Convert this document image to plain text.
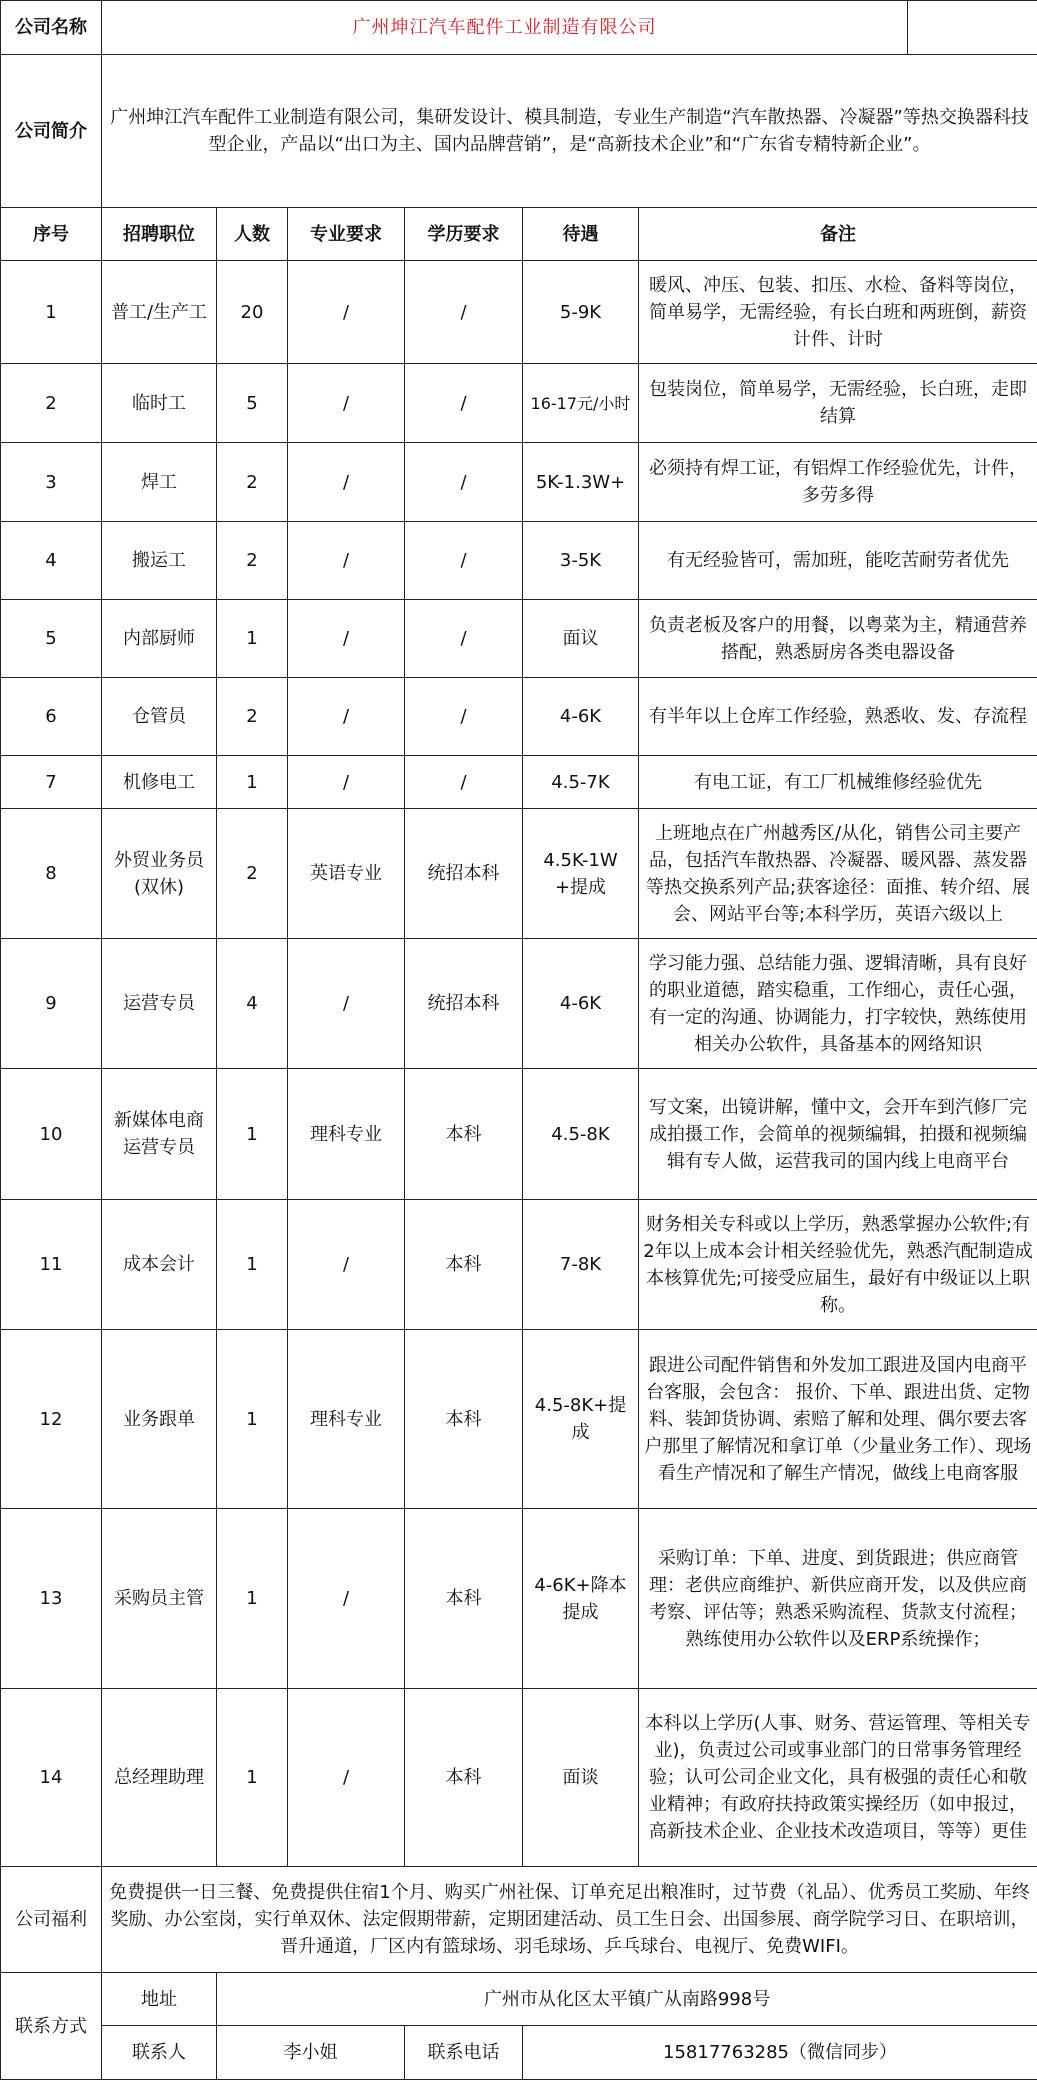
公司名称	广州坤江汽车配件工业制造有限公司						
公司简介	广州坤江汽车配件工业制造有限公司，集研发设计、模具制造，专业生产制造“汽车散热器、冷凝器”等热交换器科技型企业，产品以“出口为主、国内品牌营销”，是“高新技术企业”和“广东省专精特新企业”。						
序号	招聘职位	人数	专业要求	学历要求	待遇	备注	
1	普工/生产工	20	/	/	5-9K	暖风、冲压、包装、扣压、水检、备料等岗位，简单易学，无需经验，有长白班和两班倒，薪资计件、计时	
2	临时工	5	/	/	16-17元/小时	包装岗位，简单易学，无需经验，长白班，走即结算	
3	焊工	2	/	/	5K-1.3W+	必须持有焊工证，有铝焊工作经验优先，计件，多劳多得	
4	搬运工	2	/	/	3-5K	有无经验皆可，需加班，能吃苦耐劳者优先	
5	内部厨师	1	/	/	面议	负责老板及客户的用餐，以粤菜为主，精通营养搭配，熟悉厨房各类电器设备	
6	仓管员	2	/	/	4-6K	有半年以上仓库工作经验，熟悉收、发、存流程	
7	机修电工	1	/	/	4.5-7K	有电工证，有工厂机械维修经验优先	
8	外贸业务员(双休)	2	英语专业	统招本科	4.5K-1W+提成	上班地点在广州越秀区/从化，销售公司主要产品，包括汽车散热器、冷凝器、暖风器、蒸发器等热交换系列产品;获客途径：面推、转介绍、展会、网站平台等;本科学历，英语六级以上	
9	运营专员	4	/	统招本科	4-6K	学习能力强、总结能力强、逻辑清晰，具有良好的职业道德，踏实稳重，工作细心，责任心强，有一定的沟通、协调能力，打字较快，熟练使用相关办公软件，具备基本的网络知识	
10	新媒体电商运营专员	1	理科专业	本科	4.5-8K	写文案，出镜讲解，懂中文，会开车到汽修厂完成拍摄工作，会简单的视频编辑，拍摄和视频编辑有专人做，运营我司的国内线上电商平台	
11	成本会计	1	/	本科	7-8K	财务相关专科或以上学历，熟悉掌握办公软件;有2年以上成本会计相关经验优先，熟悉汽配制造成本核算优先;可接受应届生，最好有中级证以上职称。	
12	业务跟单	1	理科专业	本科	4.5-8K+提成	跟进公司配件销售和外发加工跟进及国内电商平台客服，会包含： 报价、下单、跟进出货、定物料、装卸货协调、索赔了解和处理、偶尔要去客户那里了解情况和拿订单（少量业务工作）、现场看生产情况和了解生产情况，做线上电商客服	
13	采购员主管	1	/	本科	4-6K+降本提成	采购订单：下单、进度、到货跟进；供应商管理：老供应商维护、新供应商开发，以及供应商考察、评估等；熟悉采购流程、货款支付流程；熟练使用办公软件以及ERP系统操作；	
14	总经理助理	1	/	本科	面谈	本科以上学历(人事、财务、营运管理、等相关专业)，负责过公司或事业部门的日常事务管理经验；认可公司企业文化，具有极强的责任心和敬业精神；有政府扶持政策实操经历（如申报过，高新技术企业、企业技术改造项目，等等）更佳	
公司福利	免费提供一日三餐、免费提供住宿1个月、购买广州社保、订单充足出粮准时，过节费（礼品）、优秀员工奖励、年终奖励、办公室岗，实行单双休、法定假期带薪，定期团建活动、员工生日会、出国参展、商学院学习日、在职培训，晋升通道，厂区内有篮球场、羽毛球场、乒乓球台、电视厅、免费WIFI。						
联系方式	地址	广州市从化区太平镇广从南路998号					
	联系人	李小姐		联系电话	15817763285（微信同步）		
